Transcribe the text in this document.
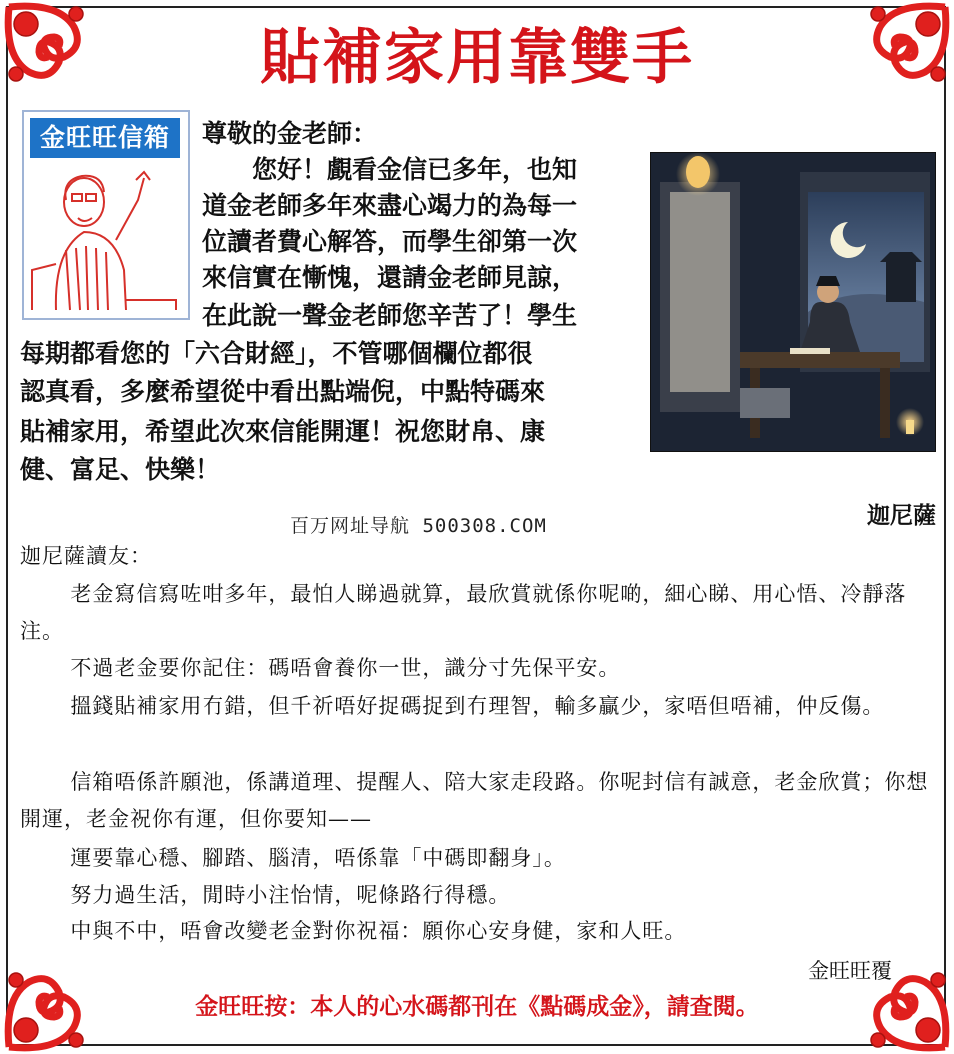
貼補家用靠雙手
金旺旺信箱	尊敬的金老師：
您好！覰看金信已多年，也知
道金老師多年來盡心竭力的為每一
位讀者費心解答，而學生卻第一次
來信實在慚愧，還請金老師見諒，
在此說一聲金老師您辛苦了！學生
每期都看您的「六合財經」，不管哪個欄位都很
認真看，多麼希望從中看出點端倪，中點特碼來
貼補家用，希望此次來信能開運！祝您財帛、康
健、富足、快樂！
迦尼薩
百万网址导航 500308.COM
迦尼薩讀友：
老金寫信寫咗咁多年，最怕人睇過就算，最欣賞就係你呢啲，細心睇、用心悟、冷靜落注。
不過老金要你記住：碼唔會養你一世，識分寸先保平安。
搵錢貼補家用冇錯，但千祈唔好捉碼捉到冇理智，輸多贏少，家唔但唔補，仲反傷。
信箱唔係許願池，係講道理、提醒人、陪大家走段路。你呢封信有誠意，老金欣賞；你想開運，老金祝你有運，但你要知——
運要靠心穩、腳踏、腦清，唔係靠「中碼即翻身」。
努力過生活，閒時小注怡情，呢條路行得穩。
中與不中，唔會改變老金對你祝福：願你心安身健，家和人旺。
金旺旺覆
金旺旺按：本人的心水碼都刊在《點碼成金》，請查閱。
